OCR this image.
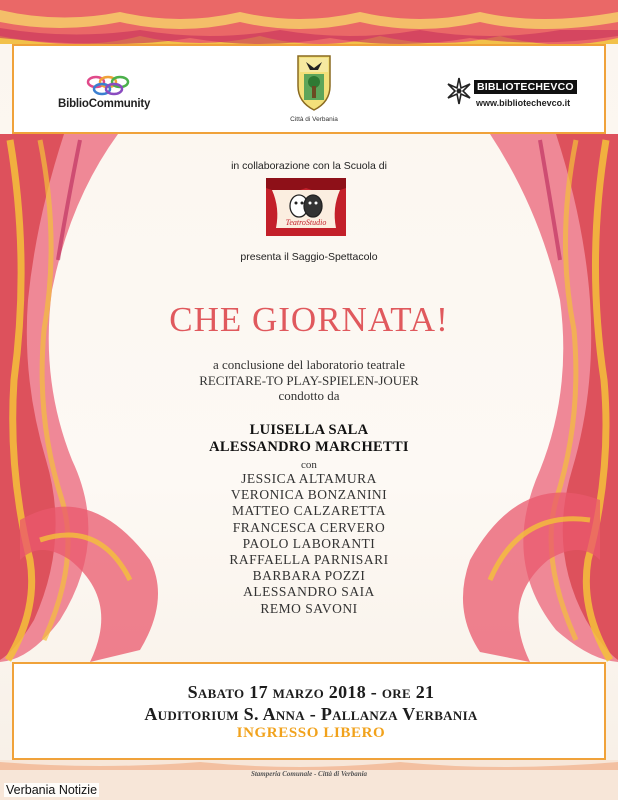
BiblioCommunity
Città di Verbania
BIBLIOTECHEVCO
www.bibliotechevco.it
in collaborazione con la Scuola di
TeatroStudio
presenta il Saggio-Spettacolo
CHE GIORNATA!
a conclusione del laboratorio teatrale
RECITARE-TO PLAY-SPIELEN-JOUER
condotto da
LUISELLA SALA
ALESSANDRO MARCHETTI
con
JESSICA ALTAMURA
VERONICA BONZANINI
MATTEO CALZARETTA
FRANCESCA CERVERO
PAOLO LABORANTI
RAFFAELLA PARNISARI
BARBARA POZZI
ALESSANDRO SAIA
REMO SAVONI
Sabato 17 marzo 2018 - ore 21
Auditorium S. Anna - Pallanza Verbania
INGRESSO LIBERO
Stamperia Comunale - Città di Verbania
Verbania Notizie
